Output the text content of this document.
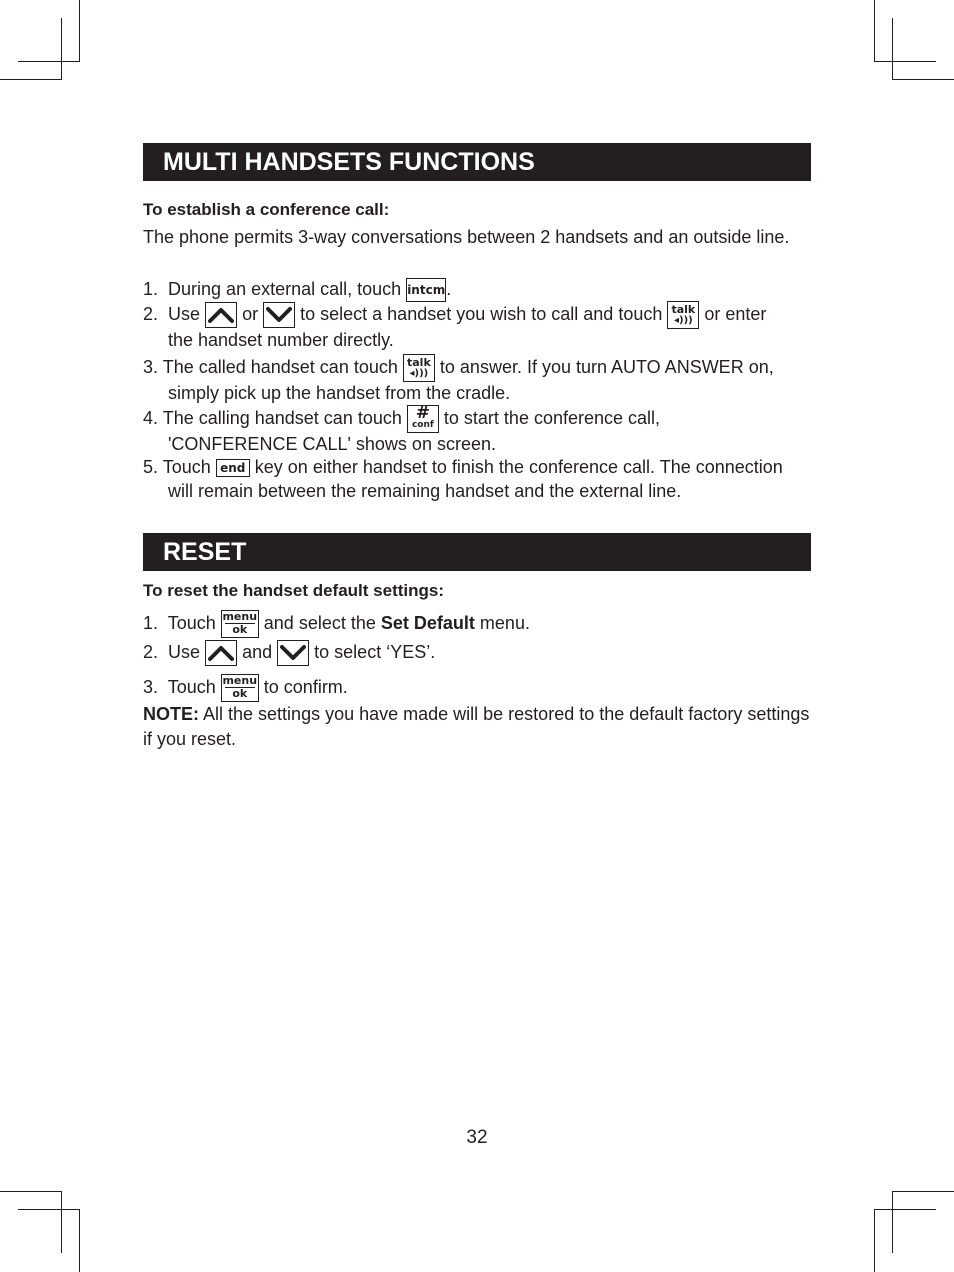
MULTI HANDSETS FUNCTIONS

To establish a conference call:

The phone permits 3-way conversations between 2 handsets and an outside line.

1. During an external call, touch intcm.
2. Use or to select a handset you wish to call and touch talk
◂))) or enter
the handset number directly.
3. The called handset can touch talk
◂))) to answer. If you turn AUTO ANSWER on,
simply pick up the handset from the cradle.
4. The calling handset can touch #
conf to start the conference call,
'CONFERENCE CALL' shows on screen.
5. Touch end key on either handset to finish the conference call. The connection
will remain between the remaining handset and the external line.
RESET

To reset the handset default settings:

1. Touch menu
ok and select the Set Default menu.
2. Use and to select ‘YES’.
3. Touch menu
ok to confirm.

NOTE: All the settings you have made will be restored to the default factory settings if you reset.

32
